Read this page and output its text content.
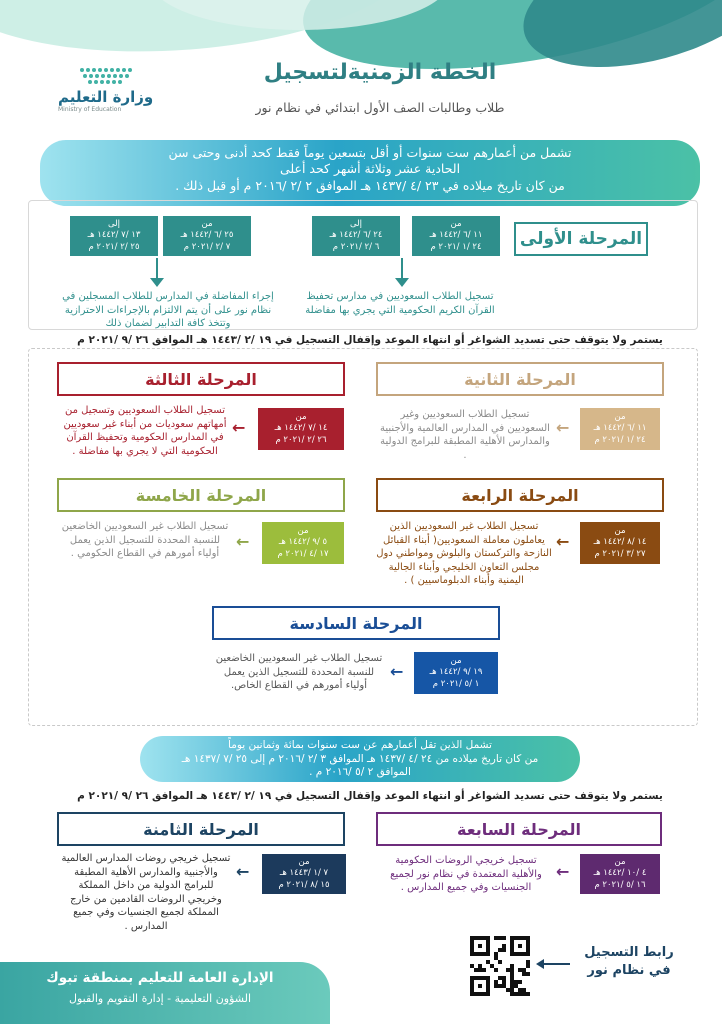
وزارة التعليم
Ministry of Education
الخطة الزمنيةلتسجيل
طلاب وطالبات الصف الأول ابتدائي في نظام نور

تشمل من أعمارهم ست سنوات أو أقل بتسعين يوماً فقط كحد أدنى وحتى سن

الحادية عشر وثلاثة أشهر كحد أعلى

من كان تاريخ ميلاده في ٢٣ /٤ /١٤٣٧ هـ الموافق ٢ /٢ /٢٠١٦ م أو قبل ذلك .

المرحلة الأولى
من
١١ /٦ /١٤٤٢ هـ
٢٤ /١ /٢٠٢١ م
إلى
٢٤ /٦ /١٤٤٢ هـ
٦ /٢ /٢٠٢١ م
من
٢٥ /٦ /١٤٤٢ هـ
٧ /٢ /٢٠٢١ م
إلى
١٣ /٧ /١٤٤٢ هـ
٢٥ /٢ /٢٠٢١ م
تسجيل الطلاب السعوديين في مدارس تحفيظ القرآن الكريم الحكومية التي يجري بها مفاضلة
إجراء المفاضلة في المدارس للطلاب المسجلين في نظام نور على أن يتم الالتزام بالإجراءات الاحترازية وتتخذ كافة التدابير لضمان ذلك
يستمر ولا يتوقف حتى تسديد الشواغر أو انتهاء الموعد وإقفال التسجيل في ١٩ /٢ /١٤٤٣ هـ الموافق ٢٦ /٩ /٢٠٢١ م
المرحلة الثانية
من
١١ /٦ /١٤٤٢ هـ
٢٤ /١ /٢٠٢١ م
←
تسجيل الطلاب السعوديين وغير السعوديين في المدارس العالمية والأجنبية والمدارس الأهلية المطبقة للبرامج الدولية .
المرحلة الثالثة
من
١٤ /٧ /١٤٤٢ هـ
٢٦ /٢ /٢٠٢١ م
←
تسجيل الطلاب السعوديين وتسجيل من أمهاتهم سعوديات من أبناء غير سعوديين في المدارس الحكومية وتحفيظ القرآن الحكومية التي لا يجري بها مفاضلة .
المرحلة الرابعة
من
١٤ /٨ /١٤٤٢ هـ
٢٧ /٣ /٢٠٢١ م
←
تسجيل الطلاب غير السعوديين الذين يعاملون معاملة السعوديين( أبناء القبائل النازحة والتركستان والبلوش ومواطني دول مجلس التعاون الخليجي وأبناء الجالية اليمنية وأبناء الدبلوماسيين ) .
المرحلة الخامسة
من
٥ /٩ /١٤٤٢ هـ
١٧ /٤ /٢٠٢١ م
←
تسجيل الطلاب غير السعوديين الخاضعين للنسبة المحددة للتسجيل الذين يعمل أولياء أمورهم في القطاع الحكومي .
المرحلة السادسة
من
١٩ /٩ /١٤٤٢ هـ
١ /٥ /٢٠٢١ م
←
تسجيل الطلاب غير السعوديين الخاضعين للنسبة المحددة للتسجيل الذين يعمل أولياء أمورهم في القطاع الخاص.

تشمل الذين تقل أعمارهم عن ست سنوات بمائة وثمانين يوماً

من كان تاريخ ميلاده من ٢٤ /٤ /١٤٣٧ هـ الموافق ٣ /٢ /٢٠١٦ م إلى ٢٥ /٧ /١٤٣٧ هـ

الموافق ٢ /٥ /٢٠١٦ م .

يستمر ولا يتوقف حتى تسديد الشواغر أو انتهاء الموعد وإقفال التسجيل في ١٩ /٢ /١٤٤٣ هـ الموافق ٢٦ /٩ /٢٠٢١ م
المرحلة السابعة
من
٤ /١٠ /١٤٤٢ هـ
١٦ /٥ /٢٠٢١ م
←
تسجيل خريجي الروضات الحكومية والأهلية المعتمدة في نظام نور لجميع الجنسيات وفي جميع المدارس .
المرحلة الثامنة
من
٧ /١ /١٤٤٣ هـ
١٥ /٨ /٢٠٢١ م
←
تسجيل خريجي روضات المدارس العالمية والأجنبية والمدارس الأهلية المطبقة للبرامج الدولية من داخل المملكة وخريجي الروضات القادمين من خارج المملكة لجميع الجنسيات وفي جميع المدارس .
رابط التسجيل
في نظام نور
الإدارة العامة للتعليم بمنطقة تبوك
الشؤون التعليمية - إدارة التقويم والقبول
